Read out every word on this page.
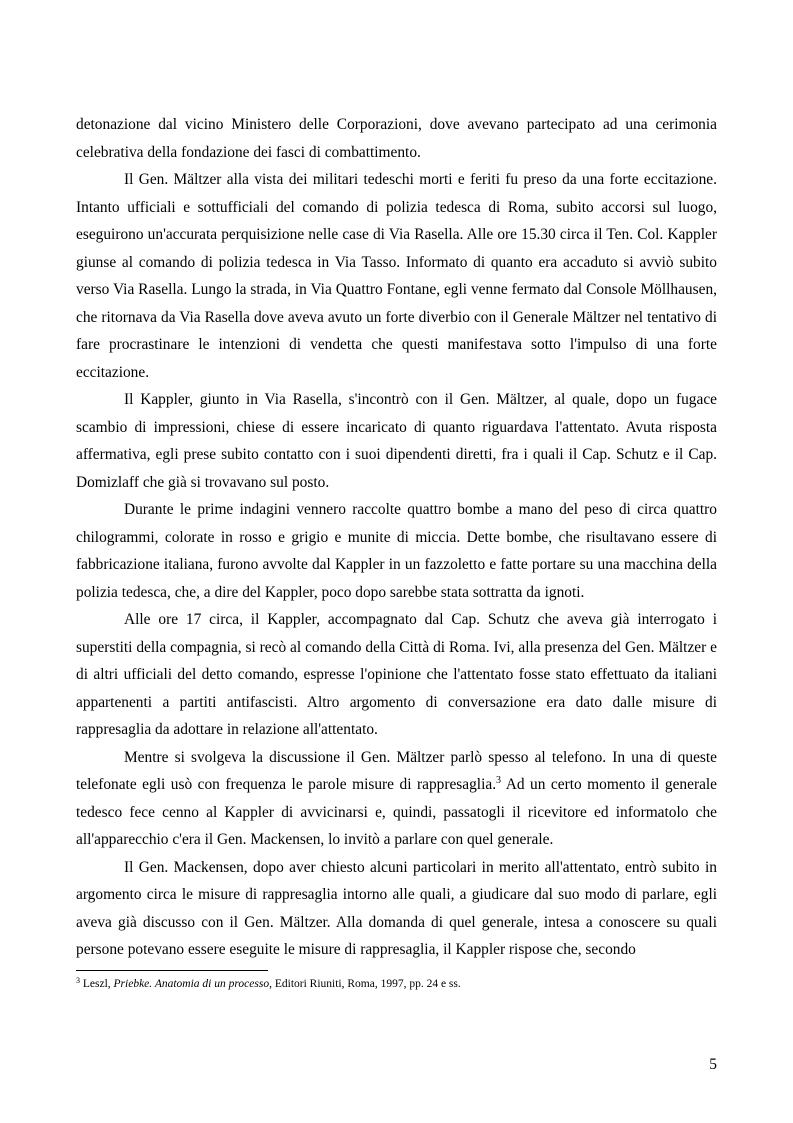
detonazione dal vicino Ministero delle Corporazioni, dove avevano partecipato ad una cerimonia celebrativa della fondazione dei fasci di combattimento.

Il Gen. Mältzer alla vista dei militari tedeschi morti e feriti fu preso da una forte eccitazione. Intanto ufficiali e sottufficiali del comando di polizia tedesca di Roma, subito accorsi sul luogo, eseguirono un'accurata perquisizione nelle case di Via Rasella. Alle ore 15.30 circa il Ten. Col. Kappler giunse al comando di polizia tedesca in Via Tasso. Informato di quanto era accaduto si avviò subito verso Via Rasella. Lungo la strada, in Via Quattro Fontane, egli venne fermato dal Console Möllhausen, che ritornava da Via Rasella dove aveva avuto un forte diverbio con il Generale Mältzer nel tentativo di fare procrastinare le intenzioni di vendetta che questi manifestava sotto l'impulso di una forte eccitazione.

Il Kappler, giunto in Via Rasella, s'incontrò con il Gen. Mältzer, al quale, dopo un fugace scambio di impressioni, chiese di essere incaricato di quanto riguardava l'attentato. Avuta risposta affermativa, egli prese subito contatto con i suoi dipendenti diretti, fra i quali il Cap. Schutz e il Cap. Domizlaff che già si trovavano sul posto.

Durante le prime indagini vennero raccolte quattro bombe a mano del peso di circa quattro chilogrammi, colorate in rosso e grigio e munite di miccia. Dette bombe, che risultavano essere di fabbricazione italiana, furono avvolte dal Kappler in un fazzoletto e fatte portare su una macchina della polizia tedesca, che, a dire del Kappler, poco dopo sarebbe stata sottratta da ignoti.

Alle ore 17 circa, il Kappler, accompagnato dal Cap. Schutz che aveva già interrogato i superstiti della compagnia, si recò al comando della Città di Roma. Ivi, alla presenza del Gen. Mältzer e di altri ufficiali del detto comando, espresse l'opinione che l'attentato fosse stato effettuato da italiani appartenenti a partiti antifascisti. Altro argomento di conversazione era dato dalle misure di rappresaglia da adottare in relazione all'attentato.

Mentre si svolgeva la discussione il Gen. Mältzer parlò spesso al telefono. In una di queste telefonate egli usò con frequenza le parole misure di rappresaglia.$^3$ Ad un certo momento il generale tedesco fece cenno al Kappler di avvicinarsi e, quindi, passatogli il ricevitore ed informatolo che all'apparecchio c'era il Gen. Mackensen, lo invitò a parlare con quel generale.

Il Gen. Mackensen, dopo aver chiesto alcuni particolari in merito all'attentato, entrò subito in argomento circa le misure di rappresaglia intorno alle quali, a giudicare dal suo modo di parlare, egli aveva già discusso con il Gen. Mältzer. Alla domanda di quel generale, intesa a conoscere su quali persone potevano essere eseguite le misure di rappresaglia, il Kappler rispose che, secondo

$^3$ Leszl, Priebke. Anatomia di un processo, Editori Riuniti, Roma, 1997, pp. 24 e ss.
5
